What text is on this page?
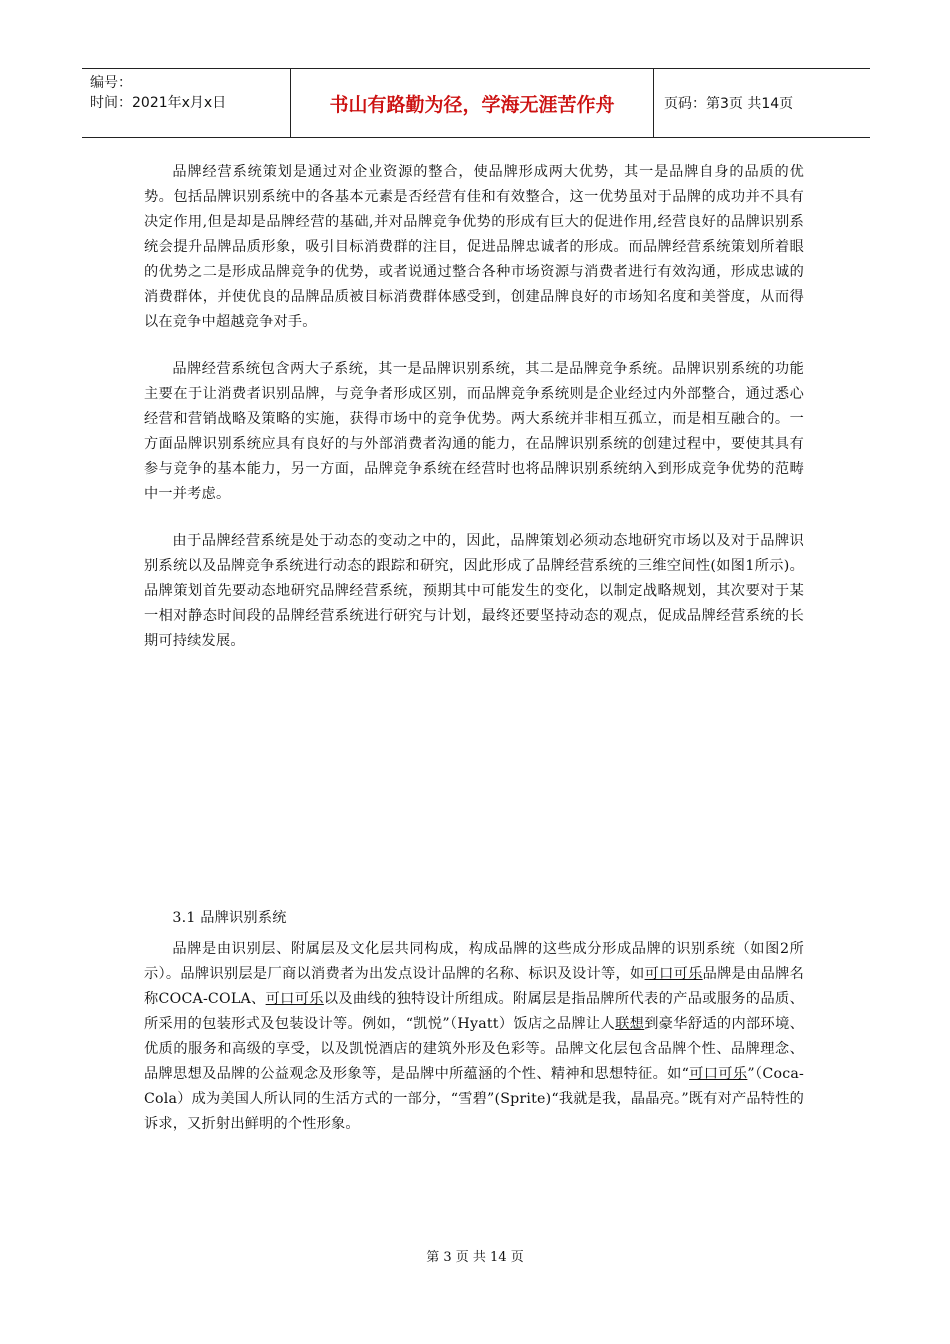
编号：
时间：2021年x月x日	书山有路勤为径，学海无涯苦作舟	页码：第3页 共14页

品牌经营系统策划是通过对企业资源的整合，使品牌形成两大优势，其一是品牌自身的品质的优势。包括品牌识别系统中的各基本元素是否经营有佳和有效整合，这一优势虽对于品牌的成功并不具有决定作用,但是却是品牌经营的基础,并对品牌竞争优势的形成有巨大的促进作用,经营良好的品牌识别系统会提升品牌品质形象，吸引目标消费群的注目，促进品牌忠诚者的形成。而品牌经营系统策划所着眼的优势之二是形成品牌竞争的优势，或者说通过整合各种市场资源与消费者进行有效沟通，形成忠诚的消费群体，并使优良的品牌品质被目标消费群体感受到，创建品牌良好的市场知名度和美誉度，从而得以在竞争中超越竞争对手。

品牌经营系统包含两大子系统，其一是品牌识别系统，其二是品牌竞争系统。品牌识别系统的功能主要在于让消费者识别品牌，与竞争者形成区别，而品牌竞争系统则是企业经过内外部整合，通过悉心经营和营销战略及策略的实施，获得市场中的竞争优势。两大系统并非相互孤立，而是相互融合的。一方面品牌识别系统应具有良好的与外部消费者沟通的能力，在品牌识别系统的创建过程中，要使其具有参与竞争的基本能力，另一方面，品牌竞争系统在经营时也将品牌识别系统纳入到形成竞争优势的范畴中一并考虑。

由于品牌经营系统是处于动态的变动之中的，因此，品牌策划必须动态地研究市场以及对于品牌识别系统以及品牌竞争系统进行动态的跟踪和研究，因此形成了品牌经营系统的三维空间性(如图1所示)。品牌策划首先要动态地研究品牌经营系统，预期其中可能发生的变化，以制定战略规划，其次要对于某一相对静态时间段的品牌经营系统进行研究与计划，最终还要坚持动态的观点，促成品牌经营系统的长期可持续发展。

3.1 品牌识别系统

品牌是由识别层、附属层及文化层共同构成，构成品牌的这些成分形成品牌的识别系统（如图2所示）。品牌识别层是厂商以消费者为出发点设计品牌的名称、标识及设计等，如可口可乐品牌是由品牌名称COCA-COLA、可口可乐以及曲线的独特设计所组成。附属层是指品牌所代表的产品或服务的品质、所采用的包装形式及包装设计等。例如，“凯悦”（Hyatt）饭店之品牌让人联想到豪华舒适的内部环境、优质的服务和高级的享受，以及凯悦酒店的建筑外形及色彩等。品牌文化层包含品牌个性、品牌理念、品牌思想及品牌的公益观念及形象等，是品牌中所蕴涵的个性、精神和思想特征。如“可口可乐”（Coca-Cola）成为美国人所认同的生活方式的一部分，“雪碧”(Sprite)“我就是我，晶晶亮。”既有对产品特性的诉求，又折射出鲜明的个性形象。

第 3 页 共 14 页
